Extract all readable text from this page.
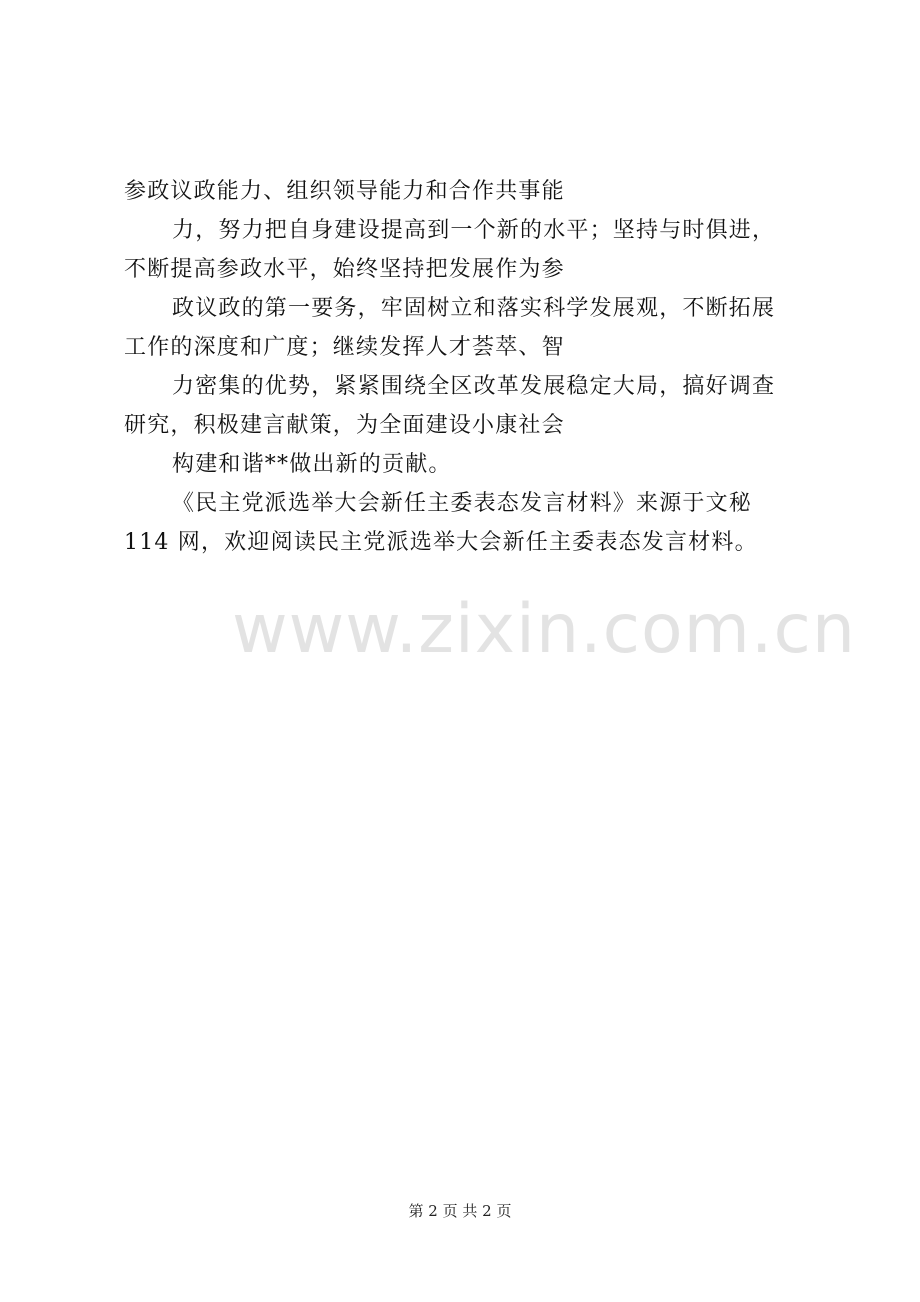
www.zixin.com.cn
参政议政能力、组织领导能力和合作共事能
力，努力把自身建设提高到一个新的水平；坚持与时俱进，
不断提高参政水平，始终坚持把发展作为参
政议政的第一要务，牢固树立和落实科学发展观，不断拓展
工作的深度和广度；继续发挥人才荟萃、智
力密集的优势，紧紧围绕全区改革发展稳定大局，搞好调查
研究，积极建言献策，为全面建设小康社会
构建和谐**做出新的贡献。
《民主党派选举大会新任主委表态发言材料》来源于文秘
114 网，欢迎阅读民主党派选举大会新任主委表态发言材料。
第 2 页 共 2 页
